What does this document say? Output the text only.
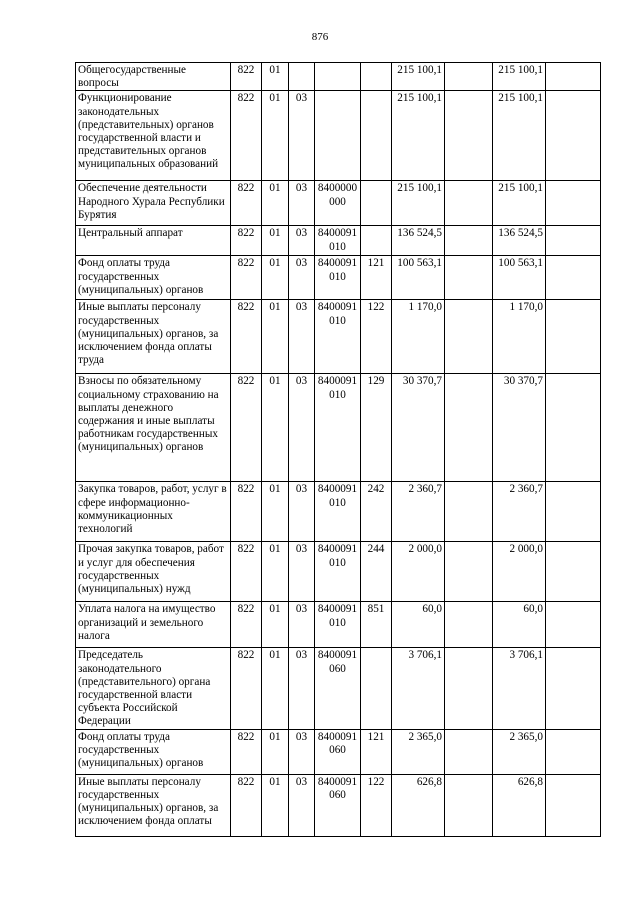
876
Общегосударственные вопросы	822	01				215 100,1		215 100,1	
Функционирование законодательных (представительных) органов государственной власти и представительных органов муниципальных образований	822	01	03			215 100,1		215 100,1	
Обеспечение деятельности Народного Хурала Республики Бурятия	822	01	03	8400000000		215 100,1		215 100,1	
Центральный аппарат	822	01	03	8400091010		136 524,5		136 524,5	
Фонд оплаты труда государственных (муниципальных) органов	822	01	03	8400091010	121	100 563,1		100 563,1	
Иные выплаты персоналу государственных (муниципальных) органов, за исключением фонда оплаты труда	822	01	03	8400091010	122	1 170,0		1 170,0	
Взносы по обязательному социальному страхованию на выплаты денежного содержания и иные выплаты работникам государственных (муниципальных) органов	822	01	03	8400091010	129	30 370,7		30 370,7	
Закупка товаров, работ, услуг в сфере информационно-коммуникационных технологий	822	01	03	8400091010	242	2 360,7		2 360,7	
Прочая закупка товаров, работ и услуг для обеспечения государственных (муниципальных) нужд	822	01	03	8400091010	244	2 000,0		2 000,0	
Уплата налога на имущество организаций и земельного налога	822	01	03	8400091010	851	60,0		60,0	
Председатель законодательного (представительного) органа государственной власти субъекта Российской Федерации	822	01	03	8400091060		3 706,1		3 706,1	
Фонд оплаты труда государственных (муниципальных) органов	822	01	03	8400091060	121	2 365,0		2 365,0	
Иные выплаты персоналу государственных (муниципальных) органов, за исключением фонда оплаты	822	01	03	8400091060	122	626,8		626,8	
